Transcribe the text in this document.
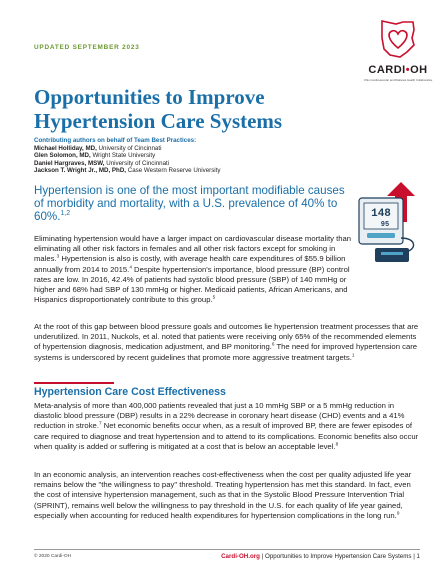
UPDATED SEPTEMBER 2023
CARDI•OH
Ohio Cardiovascular and Diabetes Health Collaborative
Opportunities to Improve
Hypertension Care Systems
Contributing authors on behalf of Team Best Practices:
Michael Holliday, MD, University of Cincinnati
Glen Solomon, MD, Wright State University
Daniel Hargraves, MSW, University of Cincinnati
Jackson T. Wright Jr., MD, PhD, Case Western Reserve University

Hypertension is one of the most important modifiable causes of morbidity and mortality, with a U.S. prevalence of 40% to 60%.$^{1,2}$	148
95

Eliminating hypertension would have a larger impact on cardiovascular disease mortality than eliminating all other risk factors in females and all other risk factors except for smoking in males.$^3$ Hypertension is also is costly, with average health care expenditures of $55.9 billion annually from 2014 to 2015.$^4$ Despite hypertension's importance, blood pressure (BP) control rates are low. In 2016, 42.4% of patients had systolic blood pressure (SBP) of 140 mmHg or higher and 68% had SBP of 130 mmHg or higher. Medicaid patients, African Americans, and Hispanics disproportionately contribute to this group.$^5$

At the root of this gap between blood pressure goals and outcomes lie hypertension treatment processes that are underutilized. In 2011, Nuckols, et al. noted that patients were receiving only 65% of the recommended elements of hypertension diagnosis, medication adjustment, and BP monitoring.$^6$ The need for improved hypertension care systems is underscored by recent guidelines that promote more aggressive treatment targets.$^1$

Hypertension Care Cost Effectiveness

Meta-analysis of more than 400,000 patients revealed that just a 10 mmHg SBP or a 5 mmHg reduction in diastolic blood pressure (DBP) results in a 22% decrease in coronary heart disease (CHD) events and a 41% reduction in stroke.$^7$ Net economic benefits occur when, as a result of improved BP, there are fewer episodes of care required to diagnose and treat hypertension and to attend to its complications. Economic benefits also occur when quality is added or suffering is mitigated at a cost that is below an acceptable level.$^8$

In an economic analysis, an intervention reaches cost-effectiveness when the cost per quality adjusted life year remains below the "the willingness to pay" threshold. Treating hypertension has met this standard. In fact, even the cost of intensive hypertension management, such as that in the Systolic Blood Pressure Intervention Trial (SPRINT), remains well below the willingness to pay threshold in the U.S. for each quality of life year gained, especially when accounting for reduced health expenditures for hypertension complications in the long run.$^9$

© 2020 Cardi-OH	Cardi-OH.org | Opportunities to Improve Hypertension Care Systems | 1
